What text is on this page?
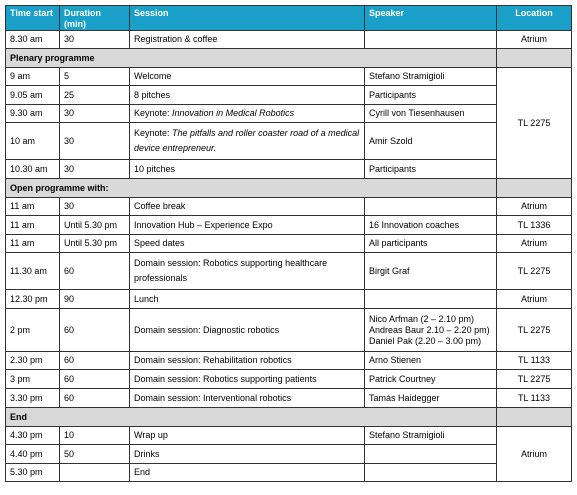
Time start	Duration (min)	Session	Speaker	Location
8.30 am	30	Registration & coffee		Atrium
Plenary programme				
9 am	5	Welcome	Stefano Stramigioli	TL 2275
9.05 am	25	8 pitches	Participants	
9.30 am	30	Keynote: Innovation in Medical Robotics	Cyrill von Tiesenhausen	
10 am	30	Keynote: The pitfalls and roller coaster road of a medical device entrepreneur.	Amir Szold	
10.30 am	30	10 pitches	Participants	
Open programme with:				
11 am	30	Coffee break		Atrium
11 am	Until 5.30 pm	Innovation Hub – Experience Expo	16 Innovation coaches	TL 1336
11 am	Until 5.30 pm	Speed dates	All participants	Atrium
11.30 am	60	Domain session: Robotics supporting healthcare professionals	Birgit Graf	TL 2275
12.30 pm	90	Lunch		Atrium
2 pm	60	Domain session: Diagnostic robotics	Nico Arfman (2 – 2.10 pm)
Andreas Baur 2.10 – 2.20 pm)
Daniel Pak (2.20 – 3.00 pm)	TL 2275
2.30 pm	60	Domain session: Rehabilitation robotics	Arno Stienen	TL 1133
3 pm	60	Domain session: Robotics supporting patients	Patrick Courtney	TL 2275
3.30 pm	60	Domain session: Interventional robotics	Tamás Haidegger	TL 1133
End				
4.30 pm	10	Wrap up	Stefano Stramigioli	Atrium
4.40 pm	50	Drinks		
5.30 pm		End		
